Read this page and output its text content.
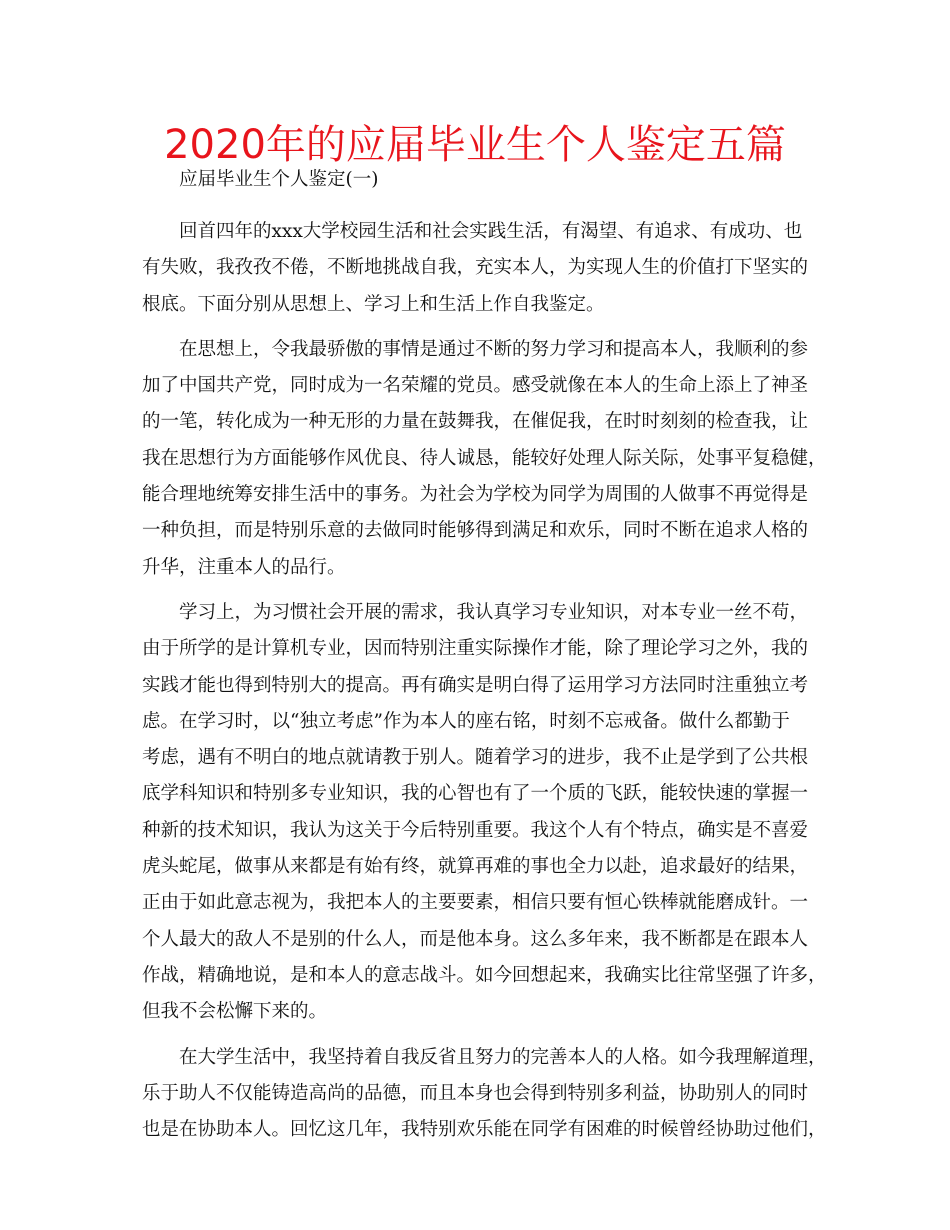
2020年的应届毕业生个人鉴定五篇
应届毕业生个人鉴定(一)
回首四年的xxx大学校园生活和社会实践生活，有渴望、有追求、有成功、也
有失败，我孜孜不倦，不断地挑战自我，充实本人，为实现人生的价值打下坚实的
根底。下面分别从思想上、学习上和生活上作自我鉴定。
在思想上，令我最骄傲的事情是通过不断的努力学习和提高本人，我顺利的参
加了中国共产党，同时成为一名荣耀的党员。感受就像在本人的生命上添上了神圣
的一笔，转化成为一种无形的力量在鼓舞我，在催促我，在时时刻刻的检查我，让
我在思想行为方面能够作风优良、待人诚恳，能较好处理人际关际，处事平复稳健，
能合理地统筹安排生活中的事务。为社会为学校为同学为周围的人做事不再觉得是
一种负担，而是特别乐意的去做同时能够得到满足和欢乐，同时不断在追求人格的
升华，注重本人的品行。
学习上，为习惯社会开展的需求，我认真学习专业知识，对本专业一丝不苟，
由于所学的是计算机专业，因而特别注重实际操作才能，除了理论学习之外，我的
实践才能也得到特别大的提高。再有确实是明白得了运用学习方法同时注重独立考
虑。在学习时，以“独立考虑”作为本人的座右铭，时刻不忘戒备。做什么都勤于
考虑，遇有不明白的地点就请教于别人。随着学习的进步，我不止是学到了公共根
底学科知识和特别多专业知识，我的心智也有了一个质的飞跃，能较快速的掌握一
种新的技术知识，我认为这关于今后特别重要。我这个人有个特点，确实是不喜爱
虎头蛇尾，做事从来都是有始有终，就算再难的事也全力以赴，追求最好的结果，
正由于如此意志视为，我把本人的主要要素，相信只要有恒心铁棒就能磨成针。一
个人最大的敌人不是别的什么人，而是他本身。这么多年来，我不断都是在跟本人
作战，精确地说，是和本人的意志战斗。如今回想起来，我确实比往常坚强了许多，
但我不会松懈下来的。
在大学生活中，我坚持着自我反省且努力的完善本人的人格。如今我理解道理，
乐于助人不仅能铸造高尚的品德，而且本身也会得到特别多利益，协助别人的同时
也是在协助本人。回忆这几年，我特别欢乐能在同学有困难的时候曾经协助过他们，
